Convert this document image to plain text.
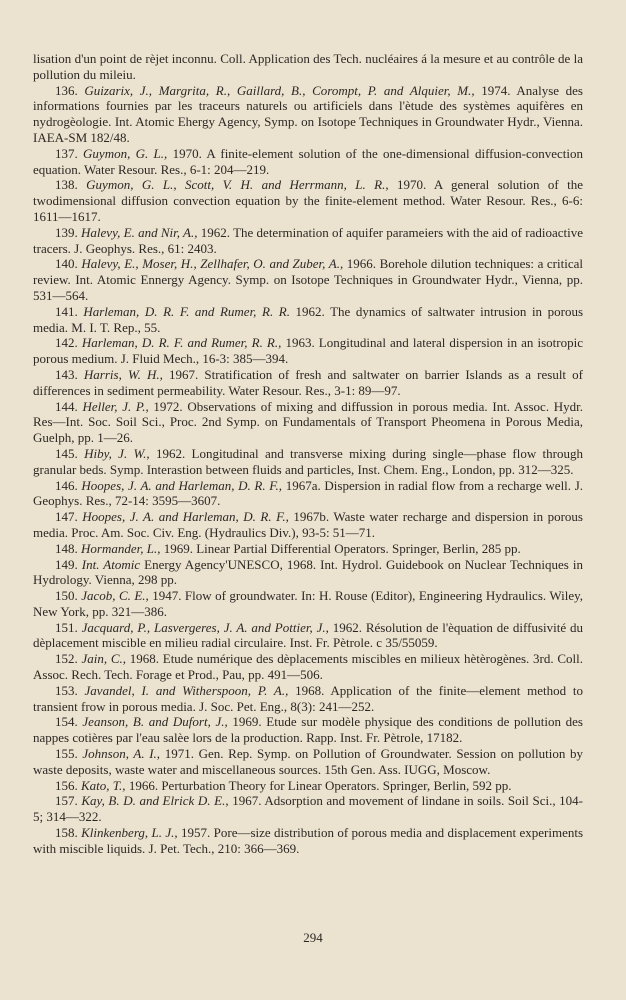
lisation d'un point de rèjet inconnu. Coll. Application des Tech. nucléaires á la mesure et au contrôle de la pollution du mileiu.

136. Guizarix, J., Margrita, R., Gaillard, B., Corompt, P. and Alquier, M., 1974. Analyse des informations fournies par les traceurs naturels ou artificiels dans l'ètude des systèmes aquifères en nydrogèologie. Int. Atomic Ehergy Agency, Symp. on Isotope Techniques in Groundwater Hydr., Vienna. IAEA-SM 182/48.

137. Guymon, G. L., 1970. A finite-element solution of the one-dimensional diffusion-convection equation. Water Resour. Res., 6-1: 204—219.

138. Guymon, G. L., Scott, V. H. and Herrmann, L. R., 1970. A general solution of the twodimensional diffusion convection equation by the finite-element method. Water Resour. Res., 6-6: 1611—1617.

139. Halevy, E. and Nir, A., 1962. The determination of aquifer parameiers with the aid of radioactive tracers. J. Geophys. Res., 61: 2403.

140. Halevy, E., Moser, H., Zellhafer, O. and Zuber, A., 1966. Borehole dilution techniques: a critical review. Int. Atomic Ennergy Agency. Symp. on Isotope Techniques in Groundwater Hydr., Vienna, pp. 531—564.

141. Harleman, D. R. F. and Rumer, R. R. 1962. The dynamics of saltwater intrusion in porous media. M. I. T. Rep., 55.

142. Harleman, D. R. F. and Rumer, R. R., 1963. Longitudinal and lateral dispersion in an isotropic porous medium. J. Fluid Mech., 16-3: 385—394.

143. Harris, W. H., 1967. Stratification of fresh and saltwater on barrier Islands as a result of differences in sediment permeability. Water Resour. Res., 3-1: 89—97.

144. Heller, J. P., 1972. Observations of mixing and diffussion in porous media. Int. Assoc. Hydr. Res—Int. Soc. Soil Sci., Proc. 2nd Symp. on Fundamentals of Transport Pheomena in Porous Media, Guelph, pp. 1—26.

145. Hiby, J. W., 1962. Longitudinal and transverse mixing during single—phase flow through granular beds. Symp. Interastion between fluids and particles, Inst. Chem. Eng., London, pp. 312—325.

146. Hoopes, J. A. and Harleman, D. R. F., 1967a. Dispersion in radial flow from a recharge well. J. Geophys. Res., 72-14: 3595—3607.

147. Hoopes, J. A. and Harleman, D. R. F., 1967b. Waste water recharge and dispersion in porous media. Proc. Am. Soc. Civ. Eng. (Hydraulics Div.), 93-5: 51—71.

148. Hormander, L., 1969. Linear Partial Differential Operators. Springer, Berlin, 285 pp.

149. Int. Atomic Energy Agency'UNESCO, 1968. Int. Hydrol. Guidebook on Nuclear Techniques in Hydrology. Vienna, 298 pp.

150. Jacob, C. E., 1947. Flow of groundwater. In: H. Rouse (Editor), Engineering Hydraulics. Wiley, New York, pp. 321—386.

151. Jacquard, P., Lasvergeres, J. A. and Pottier, J., 1962. Résolution de l'èquation de diffusivité du dèplacement miscible en milieu radial circulaire. Inst. Fr. Pètrole. c 35/55059.

152. Jain, C., 1968. Etude numérique des dèplacements miscibles en milieux hètèrogènes. 3rd. Coll. Assoc. Rech. Tech. Forage et Prod., Pau, pp. 491—506.

153. Javandel, I. and Witherspoon, P. A., 1968. Application of the finite—element method to transient frow in porous media. J. Soc. Pet. Eng., 8(3): 241—252.

154. Jeanson, B. and Dufort, J., 1969. Etude sur modèle physique des conditions de pollution des nappes cotières par l'eau salèe lors de la production. Rapp. Inst. Fr. Pètrole, 17182.

155. Johnson, A. I., 1971. Gen. Rep. Symp. on Pollution of Groundwater. Session on pollution by waste deposits, waste water and miscellaneous sources. 15th Gen. Ass. IUGG, Moscow.

156. Kato, T., 1966. Perturbation Theory for Linear Operators. Springer, Berlin, 592 pp.

157. Kay, B. D. and Elrick D. E., 1967. Adsorption and movement of lindane in soils. Soil Sci., 104-5; 314—322.

158. Klinkenberg, L. J., 1957. Pore—size distribution of porous media and displacement experiments with miscible liquids. J. Pet. Tech., 210: 366—369.

294
